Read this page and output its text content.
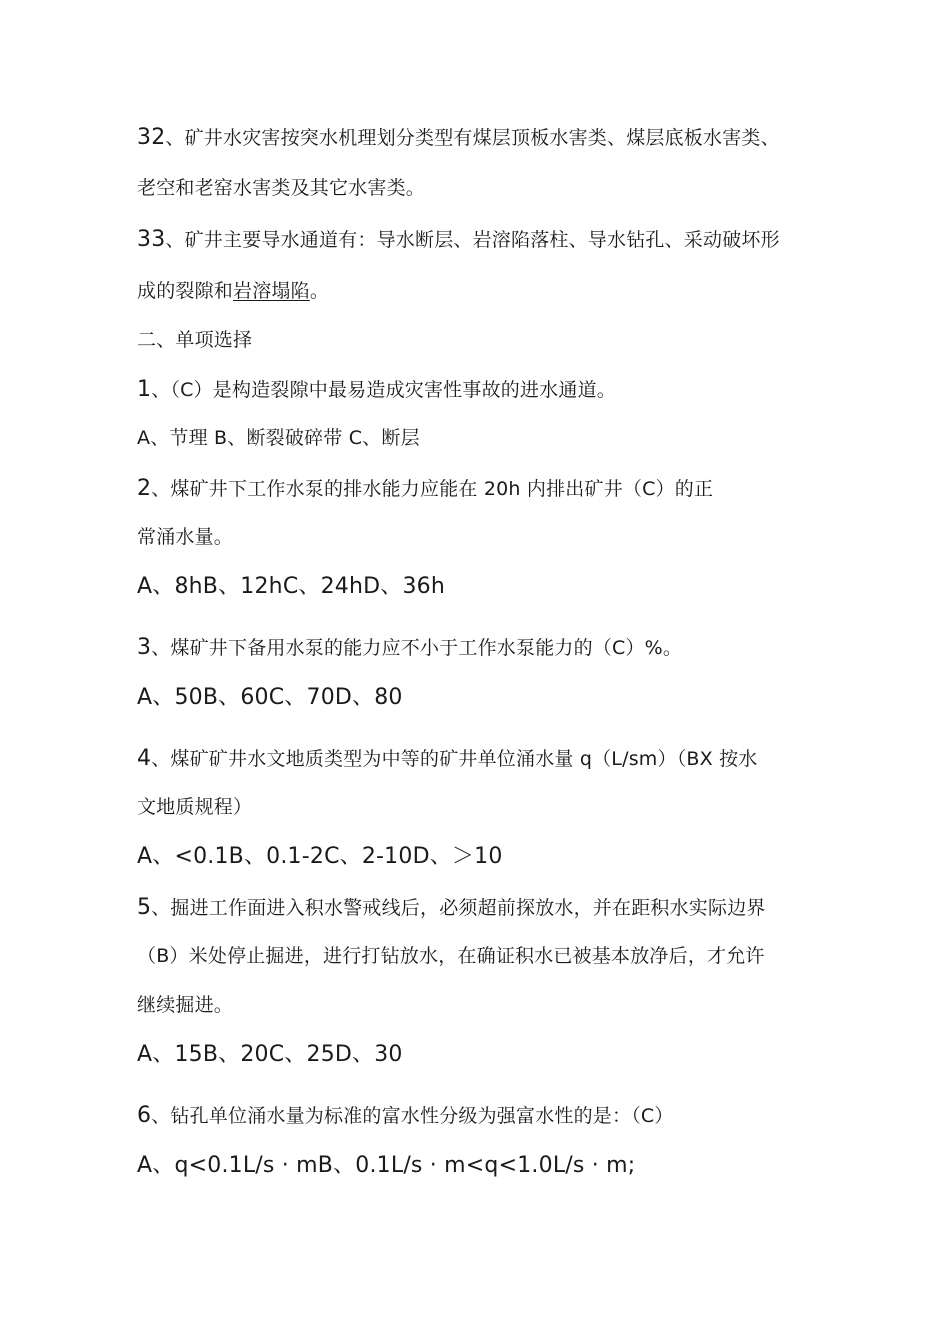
32、矿井水灾害按突水机理划分类型有煤层顶板水害类、煤层底板水害类、
老空和老窑水害类及其它水害类。
33、矿井主要导水通道有：导水断层、岩溶陷落柱、导水钻孔、采动破坏形
成的裂隙和岩溶塌陷。
二、单项选择
1、（C）是构造裂隙中最易造成灾害性事故的进水通道。
A、节理 B、断裂破碎带 C、断层
2、煤矿井下工作水泵的排水能力应能在 20h 内排出矿井（C）的正
常涌水量。
A、8hB、12hC、24hD、36h
3、煤矿井下备用水泵的能力应不小于工作水泵能力的（C）%。
A、50B、60C、70D、80
4、煤矿矿井水文地质类型为中等的矿井单位涌水量 q（L/sm）（BX 按水
文地质规程）
A、<0.1B、0.1-2C、2-10D、＞10
5、掘进工作面进入积水警戒线后，必须超前探放水，并在距积水实际边界
（B）米处停止掘进，进行打钻放水，在确证积水已被基本放净后，才允许
继续掘进。
A、15B、20C、25D、30
6、钻孔单位涌水量为标准的富水性分级为强富水性的是：（C）
A、q<0.1L/s · mB、0.1L/s · m<q<1.0L/s · m;
